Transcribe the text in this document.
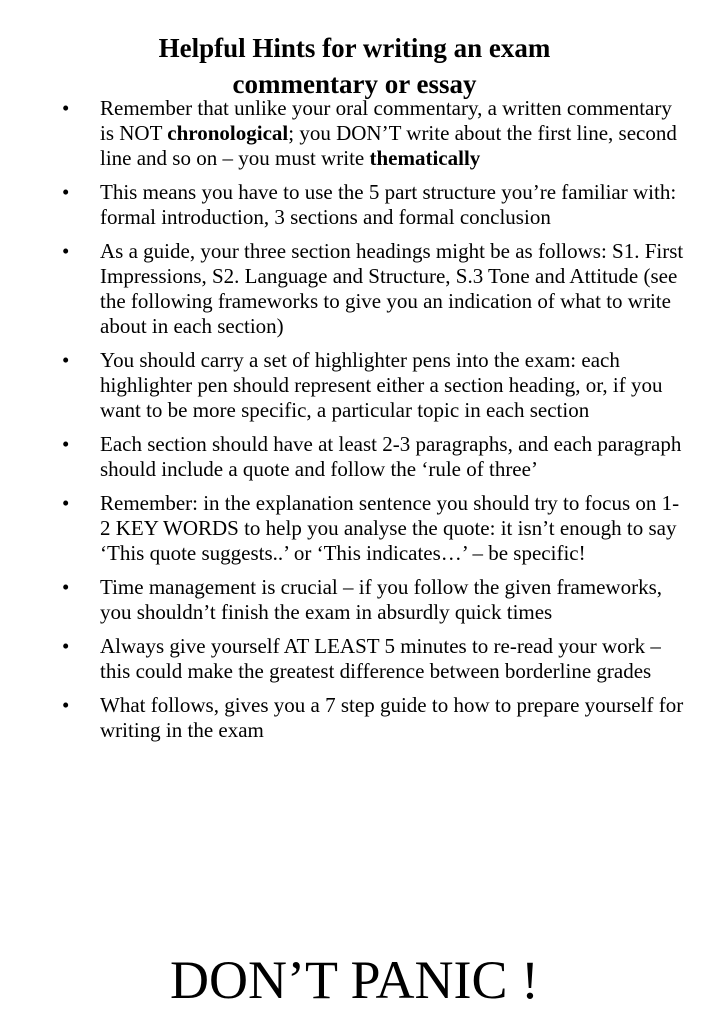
Helpful Hints for writing an exam
commentary or essay
• Remember that unlike your oral commentary, a written commentary is NOT chronological; you DON’T write about the first line, second line and so on – you must write thematically
• This means you have to use the 5 part structure you’re familiar with: formal introduction, 3 sections and formal conclusion
• As a guide, your three section headings might be as follows: S1. First Impressions, S2. Language and Structure, S.3 Tone and Attitude (see the following frameworks to give you an indication of what to write about in each section)
• You should carry a set of highlighter pens into the exam: each highlighter pen should represent either a section heading, or, if you want to be more specific, a particular topic in each section
• Each section should have at least 2-3 paragraphs, and each paragraph should include a quote and follow the ‘rule of three’
• Remember: in the explanation sentence you should try to focus on 1-2 KEY WORDS to help you analyse the quote: it isn’t enough to say ‘This quote suggests..’ or ‘This indicates…’ – be specific!
• Time management is crucial – if you follow the given frameworks, you shouldn’t finish the exam in absurdly quick times
• Always give yourself AT LEAST 5 minutes to re-read your work – this could make the greatest difference between borderline grades
• What follows, gives you a 7 step guide to how to prepare yourself for writing in the exam
DON’T PANIC !
